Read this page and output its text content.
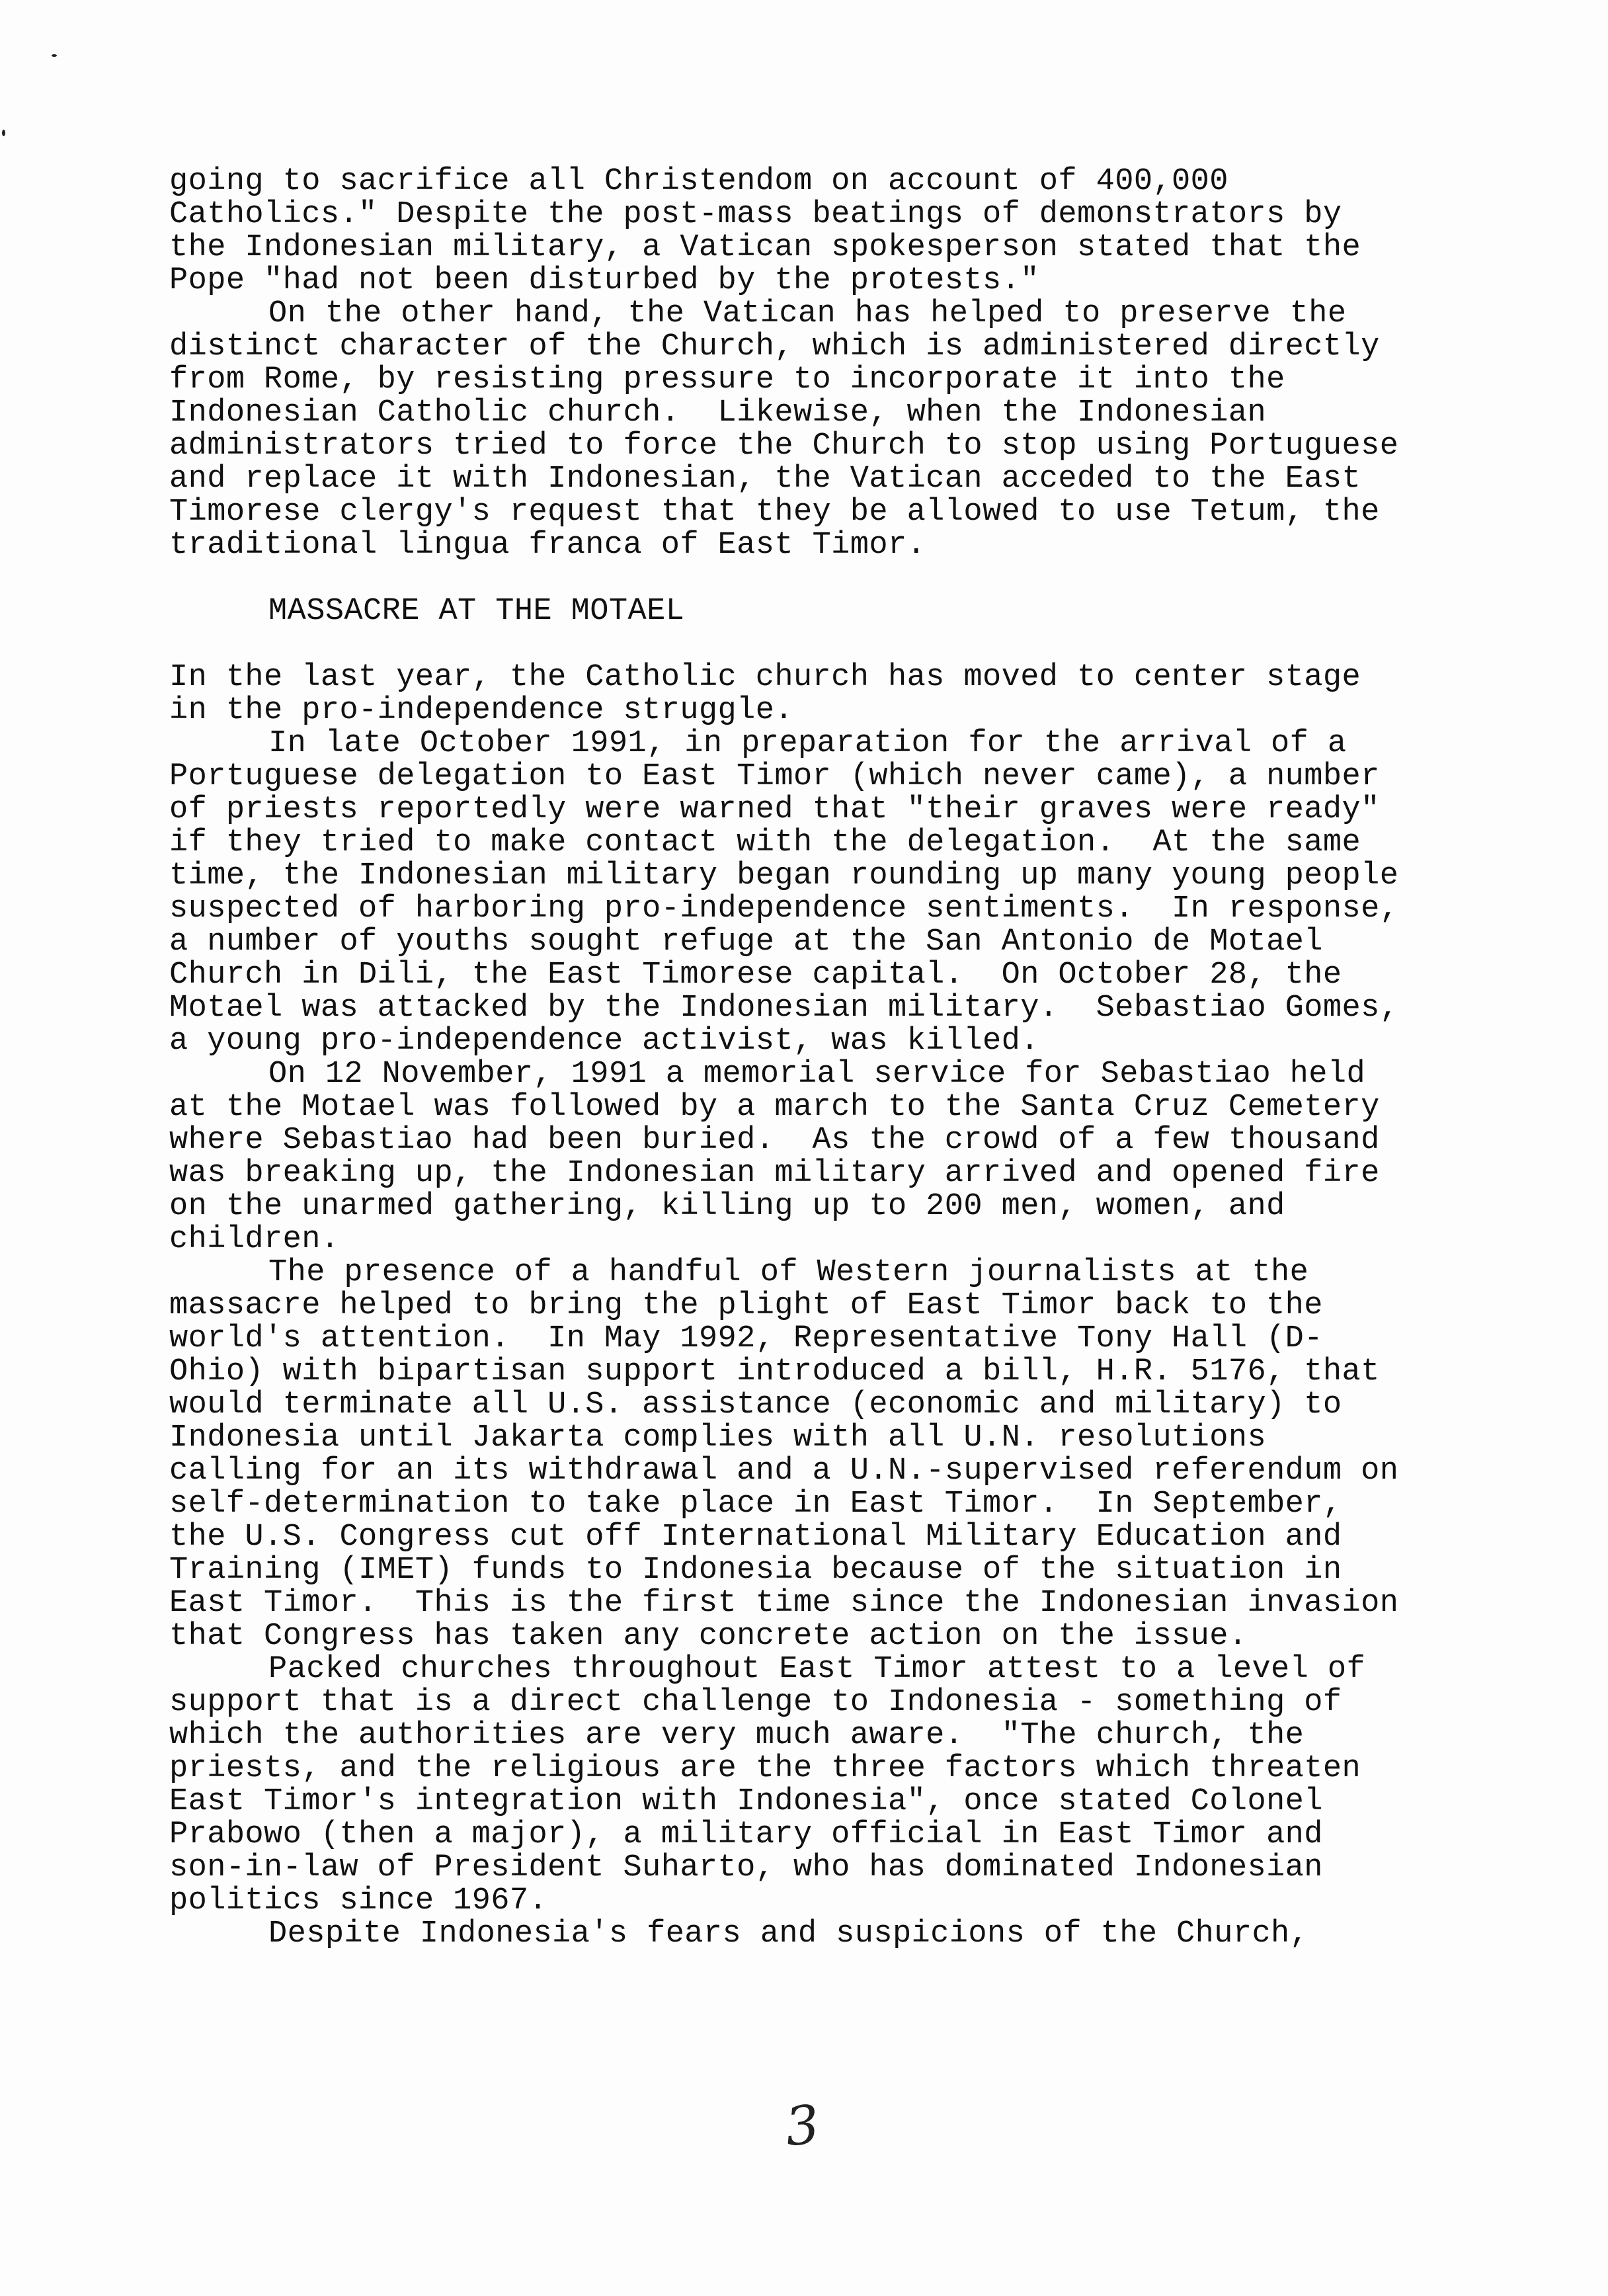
going to sacrifice all Christendom on account of 400,000
Catholics." Despite the post-mass beatings of demonstrators by
the Indonesian military, a Vatican spokesperson stated that the
Pope "had not been disturbed by the protests."
On the other hand, the Vatican has helped to preserve the
distinct character of the Church, which is administered directly
from Rome, by resisting pressure to incorporate it into the
Indonesian Catholic church.  Likewise, when the Indonesian
administrators tried to force the Church to stop using Portuguese
and replace it with Indonesian, the Vatican acceded to the East
Timorese clergy's request that they be allowed to use Tetum, the
traditional lingua franca of East Timor.
MASSACRE AT THE MOTAEL
In the last year, the Catholic church has moved to center stage
in the pro-independence struggle.
In late October 1991, in preparation for the arrival of a
Portuguese delegation to East Timor (which never came), a number
of priests reportedly were warned that "their graves were ready"
if they tried to make contact with the delegation.  At the same
time, the Indonesian military began rounding up many young people
suspected of harboring pro-independence sentiments.  In response,
a number of youths sought refuge at the San Antonio de Motael
Church in Dili, the East Timorese capital.  On October 28, the
Motael was attacked by the Indonesian military.  Sebastiao Gomes,
a young pro-independence activist, was killed.
On 12 November, 1991 a memorial service for Sebastiao held
at the Motael was followed by a march to the Santa Cruz Cemetery
where Sebastiao had been buried.  As the crowd of a few thousand
was breaking up, the Indonesian military arrived and opened fire
on the unarmed gathering, killing up to 200 men, women, and
children.
The presence of a handful of Western journalists at the
massacre helped to bring the plight of East Timor back to the
world's attention.  In May 1992, Representative Tony Hall (D-
Ohio) with bipartisan support introduced a bill, H.R. 5176, that
would terminate all U.S. assistance (economic and military) to
Indonesia until Jakarta complies with all U.N. resolutions
calling for an its withdrawal and a U.N.-supervised referendum on
self-determination to take place in East Timor.  In September,
the U.S. Congress cut off International Military Education and
Training (IMET) funds to Indonesia because of the situation in
East Timor.  This is the first time since the Indonesian invasion
that Congress has taken any concrete action on the issue.
Packed churches throughout East Timor attest to a level of
support that is a direct challenge to Indonesia - something of
which the authorities are very much aware.  "The church, the
priests, and the religious are the three factors which threaten
East Timor's integration with Indonesia", once stated Colonel
Prabowo (then a major), a military official in East Timor and
son-in-law of President Suharto, who has dominated Indonesian
politics since 1967.
Despite Indonesia's fears and suspicions of the Church,
3
